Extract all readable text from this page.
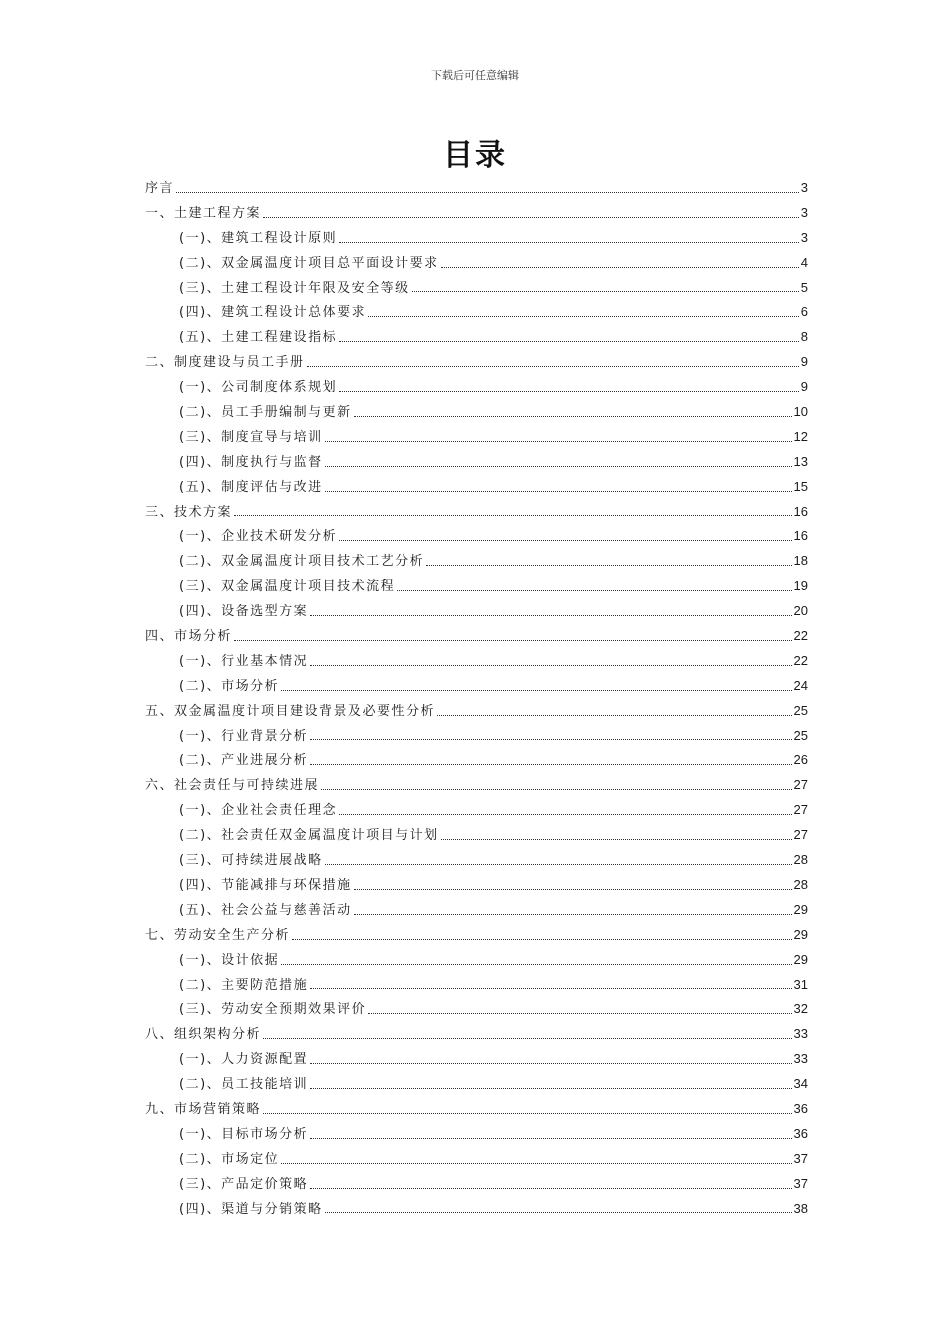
下载后可任意编辑
目录
序言	3
一、土建工程方案	3
(一)、建筑工程设计原则	3
(二)、双金属温度计项目总平面设计要求	4
(三)、土建工程设计年限及安全等级	5
(四)、建筑工程设计总体要求	6
(五)、土建工程建设指标	8
二、制度建设与员工手册	9
(一)、公司制度体系规划	9
(二)、员工手册编制与更新	10
(三)、制度宣导与培训	12
(四)、制度执行与监督	13
(五)、制度评估与改进	15
三、技术方案	16
(一)、企业技术研发分析	16
(二)、双金属温度计项目技术工艺分析	18
(三)、双金属温度计项目技术流程	19
(四)、设备选型方案	20
四、市场分析	22
(一)、行业基本情况	22
(二)、市场分析	24
五、双金属温度计项目建设背景及必要性分析	25
(一)、行业背景分析	25
(二)、产业进展分析	26
六、社会责任与可持续进展	27
(一)、企业社会责任理念	27
(二)、社会责任双金属温度计项目与计划	27
(三)、可持续进展战略	28
(四)、节能减排与环保措施	28
(五)、社会公益与慈善活动	29
七、劳动安全生产分析	29
(一)、设计依据	29
(二)、主要防范措施	31
(三)、劳动安全预期效果评价	32
八、组织架构分析	33
(一)、人力资源配置	33
(二)、员工技能培训	34
九、市场营销策略	36
(一)、目标市场分析	36
(二)、市场定位	37
(三)、产品定价策略	37
(四)、渠道与分销策略	38
